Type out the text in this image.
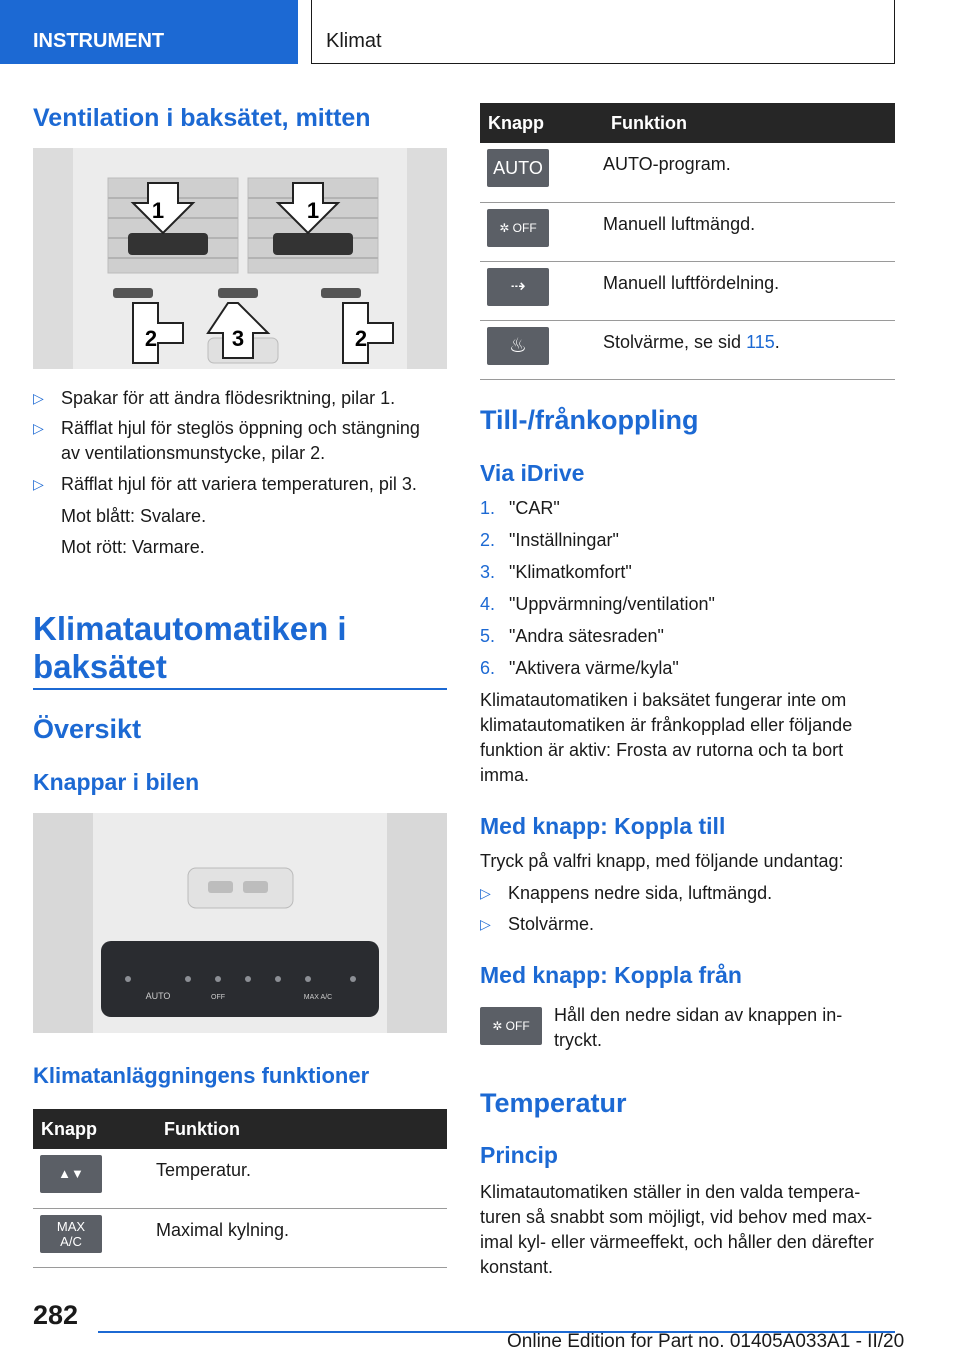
INSTRUMENT	Klimat
Ventilation i baksätet, mitten
1	1
2	3	2
▷ Spakar för att ändra flödesriktning, pilar 1.
▷ Räfflat hjul för steglös öppning och stängning
av ventilationsmunstycke, pilar 2.
▷ Räfflat hjul för att variera temperaturen, pil 3.
Mot blått: Svalare.
Mot rött: Varmare.
Klimatautomatiken i
baksätet
Översikt
Knappar i bilen
AUTO	OFF	MAX A/C
Klimatanläggningens funktioner
Knapp	Funktion

▲▼	Temperatur.

MAX A/C	Maximal kylning.
Knapp	Funktion

AUTO	AUTO-program.

✲ OFF	Manuell luftmängd.

⇢	Manuell luftfördelning.

♨	Stolvärme, se sid 115.
Till-/frånkoppling
Via iDrive
1. "CAR"
2. "Inställningar"
3. "Klimatkomfort"
4. "Uppvärmning/ventilation"
5. "Andra sätesraden"
6. "Aktivera värme/kyla"
Klimatautomatiken i baksätet fungerar inte om
klimatautomatiken är frånkopplad eller följande
funktion är aktiv: Frosta av rutorna och ta bort
imma.
Med knapp: Koppla till
Tryck på valfri knapp, med följande undantag:
▷ Knappens nedre sida, luftmängd.
▷ Stolvärme.
Med knapp: Koppla från
✲ OFF
Håll den nedre sidan av knappen in-
tryckt.
Temperatur
Princip
Klimatautomatiken ställer in den valda tempera-
turen så snabbt som möjligt, vid behov med max-
imal kyl- eller värmeeffekt, och håller den därefter
konstant.
282
Online Edition for Part no. 01405A033A1 - II/20
